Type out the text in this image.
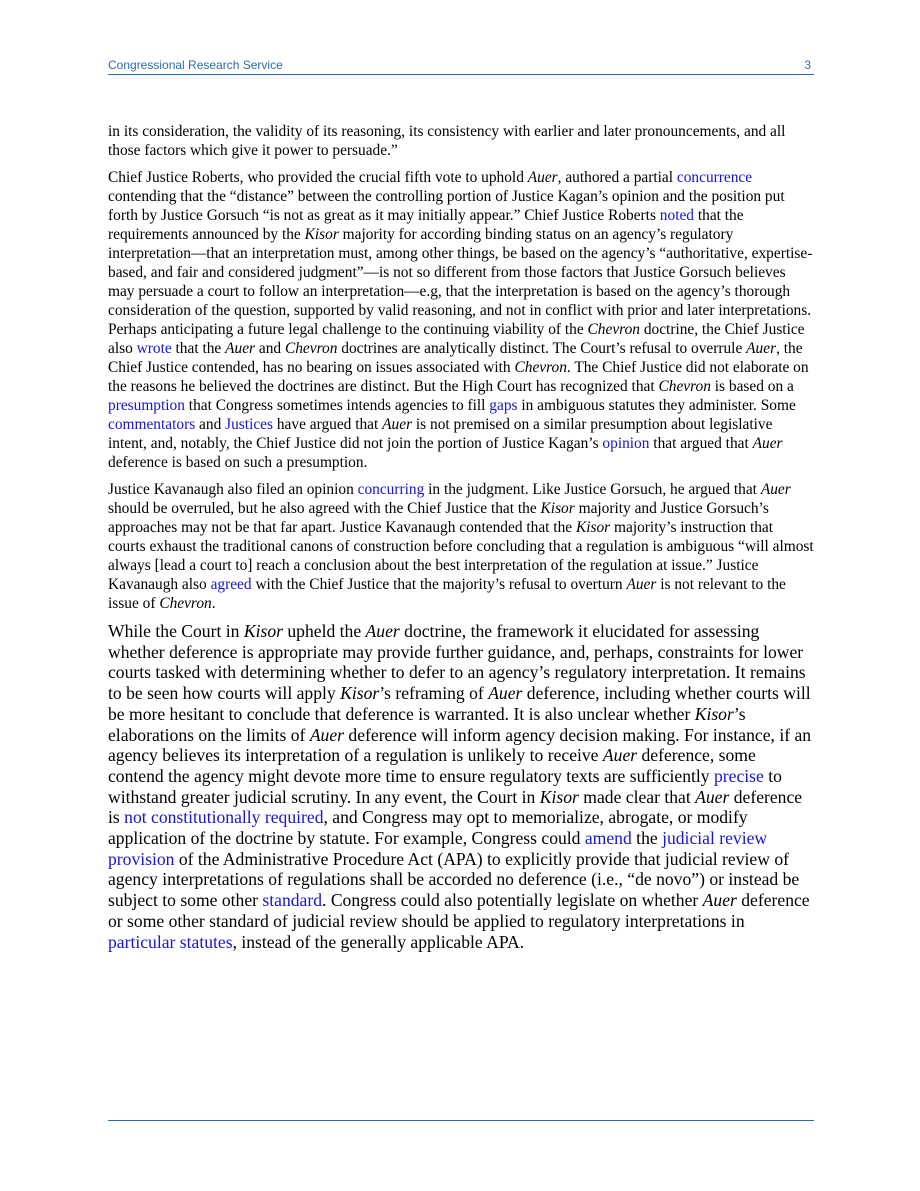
Congressional Research Service	3

in its consideration, the validity of its reasoning, its consistency with earlier and later pronouncements, and all those factors which give it power to persuade.”

Chief Justice Roberts, who provided the crucial fifth vote to uphold Auer, authored a partial concurrence contending that the “distance” between the controlling portion of Justice Kagan’s opinion and the position put forth by Justice Gorsuch “is not as great as it may initially appear.” Chief Justice Roberts noted that the requirements announced by the Kisor majority for according binding status on an agency’s regulatory interpretation—that an interpretation must, among other things, be based on the agency’s “authoritative, expertise-based, and fair and considered judgment”—is not so different from those factors that Justice Gorsuch believes may persuade a court to follow an interpretation—e.g, that the interpretation is based on the agency’s thorough consideration of the question, supported by valid reasoning, and not in conflict with prior and later interpretations. Perhaps anticipating a future legal challenge to the continuing viability of the Chevron doctrine, the Chief Justice also wrote that the Auer and Chevron doctrines are analytically distinct. The Court’s refusal to overrule Auer, the Chief Justice contended, has no bearing on issues associated with Chevron. The Chief Justice did not elaborate on the reasons he believed the doctrines are distinct. But the High Court has recognized that Chevron is based on a presumption that Congress sometimes intends agencies to fill gaps in ambiguous statutes they administer. Some commentators and Justices have argued that Auer is not premised on a similar presumption about legislative intent, and, notably, the Chief Justice did not join the portion of Justice Kagan’s opinion that argued that Auer deference is based on such a presumption.

Justice Kavanaugh also filed an opinion concurring in the judgment. Like Justice Gorsuch, he argued that Auer should be overruled, but he also agreed with the Chief Justice that the Kisor majority and Justice Gorsuch’s approaches may not be that far apart. Justice Kavanaugh contended that the Kisor majority’s instruction that courts exhaust the traditional canons of construction before concluding that a regulation is ambiguous “will almost always [lead a court to] reach a conclusion about the best interpretation of the regulation at issue.” Justice Kavanaugh also agreed with the Chief Justice that the majority’s refusal to overturn Auer is not relevant to the issue of Chevron.

While the Court in Kisor upheld the Auer doctrine, the framework it elucidated for assessing whether deference is appropriate may provide further guidance, and, perhaps, constraints for lower courts tasked with determining whether to defer to an agency’s regulatory interpretation. It remains to be seen how courts will apply Kisor’s reframing of Auer deference, including whether courts will be more hesitant to conclude that deference is warranted. It is also unclear whether Kisor’s elaborations on the limits of Auer deference will inform agency decision making. For instance, if an agency believes its interpretation of a regulation is unlikely to receive Auer deference, some contend the agency might devote more time to ensure regulatory texts are sufficiently precise to withstand greater judicial scrutiny. In any event, the Court in Kisor made clear that Auer deference is not constitutionally required, and Congress may opt to memorialize, abrogate, or modify application of the doctrine by statute. For example, Congress could amend the judicial review provision of the Administrative Procedure Act (APA) to explicitly provide that judicial review of agency interpretations of regulations shall be accorded no deference (i.e., “de novo”) or instead be subject to some other standard. Congress could also potentially legislate on whether Auer deference or some other standard of judicial review should be applied to regulatory interpretations in particular statutes, instead of the generally applicable APA.
